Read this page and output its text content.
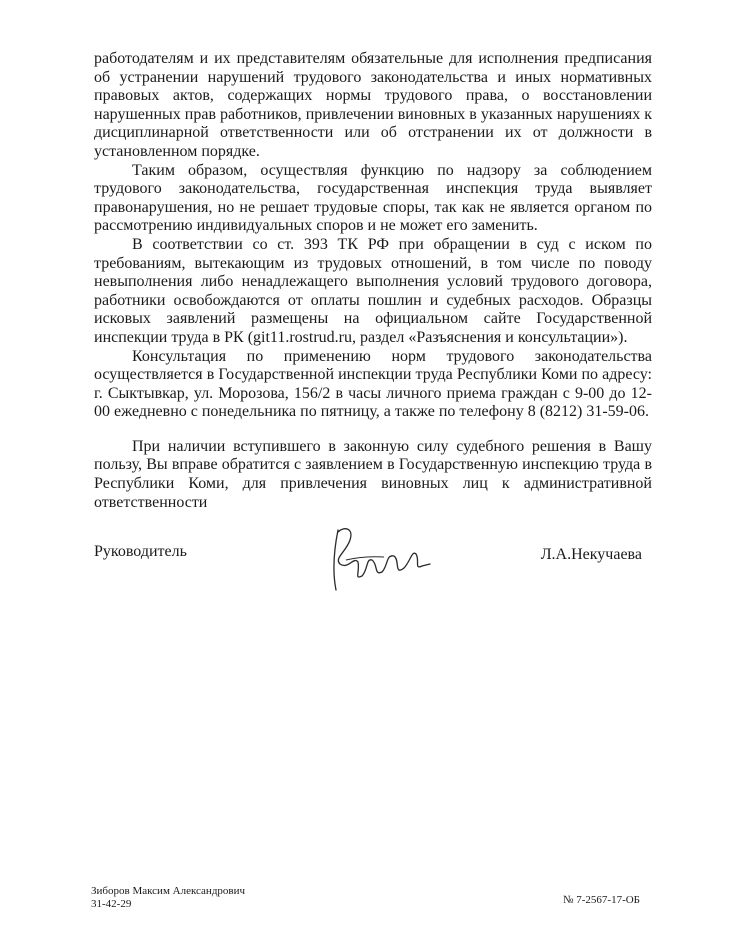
работодателям и их представителям обязательные для исполнения предписания об устранении нарушений трудового законодательства и иных нормативных правовых актов, содержащих нормы трудового права, о восстановлении нарушенных прав работников, привлечении виновных в указанных нарушениях к дисциплинарной ответственности или об отстранении их от должности в установленном порядке.

Таким образом, осуществляя функцию по надзору за соблюдением трудового законодательства, государственная инспекция труда выявляет правонарушения, но не решает трудовые споры, так как не является органом по рассмотрению индивидуальных споров и не может его заменить.

В соответствии со ст. 393 ТК РФ при обращении в суд с иском по требованиям, вытекающим из трудовых отношений, в том числе по поводу невыполнения либо ненадлежащего выполнения условий трудового договора, работники освобождаются от оплаты пошлин и судебных расходов. Образцы исковых заявлений размещены на официальном сайте Государственной инспекции труда в РК (git11.rostrud.ru, раздел «Разъяснения и консультации»).

Консультация по применению норм трудового законодательства осуществляется в Государственной инспекции труда Республики Коми по адресу: г. Сыктывкар, ул. Морозова, 156/2 в часы личного приема граждан с 9-00 до 12-00 ежедневно с понедельника по пятницу, а также по телефону 8 (8212) 31-59-06.

При наличии вступившего в законную силу судебного решения в Вашу пользу, Вы вправе обратится с заявлением в Государственную инспекцию труда в Республики Коми, для привлечения виновных лиц к административной ответственности

Руководитель	Л.А.Некучаева
Зиборов Максим Александрович
31-42-29	№ 7-2567-17-ОБ
